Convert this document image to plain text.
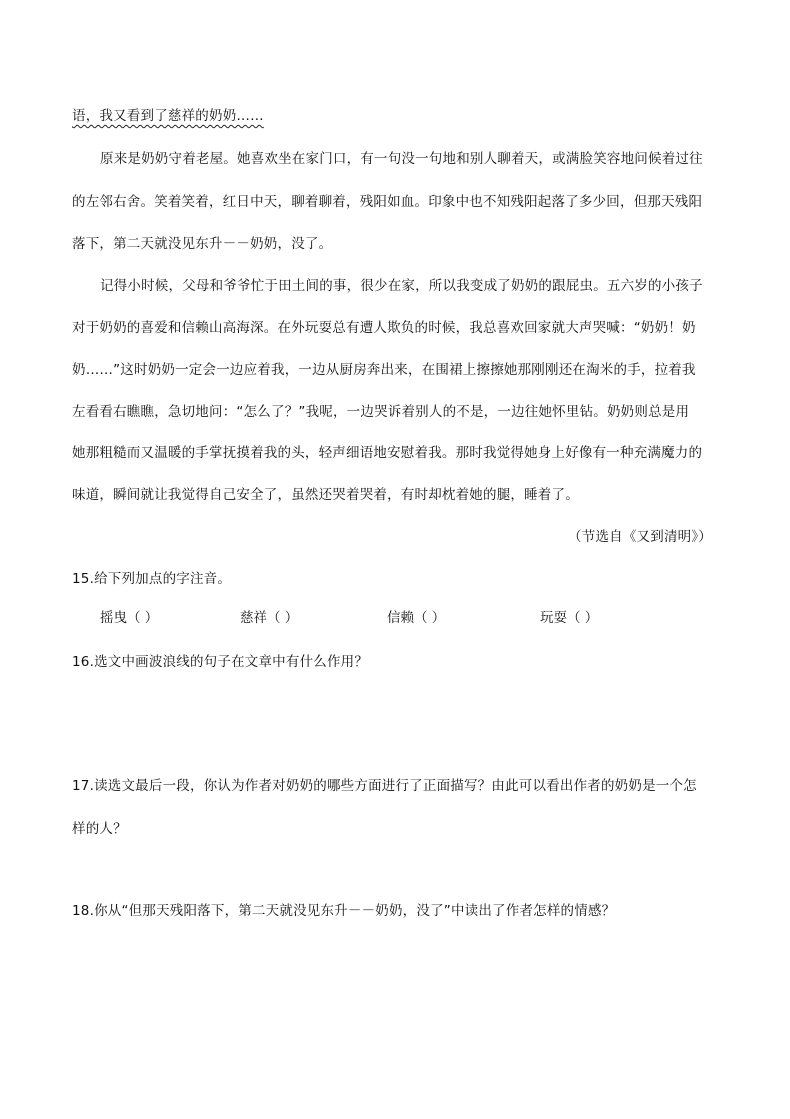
语，我又看到了慈祥的奶奶……
原来是奶奶守着老屋。她喜欢坐在家门口，有一句没一句地和别人聊着天，或满脸笑容地问候着过往
的左邻右舍。笑着笑着，红日中天，聊着聊着，残阳如血。印象中也不知残阳起落了多少回，但那天残阳
落下，第二天就没见东升－－奶奶，没了。
记得小时候，父母和爷爷忙于田土间的事，很少在家，所以我变成了奶奶的跟屁虫。五六岁的小孩子
对于奶奶的喜爱和信赖山高海深。在外玩耍总有遭人欺负的时候，我总喜欢回家就大声哭喊：“奶奶！奶
奶……”这时奶奶一定会一边应着我，一边从厨房奔出来，在围裙上擦擦她那刚刚还在淘米的手，拉着我
左看看右瞧瞧，急切地问：“怎么了？”我呢，一边哭诉着别人的不是，一边往她怀里钻。奶奶则总是用
她那粗糙而又温暖的手掌抚摸着我的头，轻声细语地安慰着我。那时我觉得她身上好像有一种充满魔力的
味道，瞬间就让我觉得自己安全了，虽然还哭着哭着，有时却枕着她的腿，睡着了。
（节选自《又到清明》）
15.给下列加点的字注音。
摇曳（ ）	慈祥（ ）	信赖（ ）	玩耍（ ）
16.选文中画波浪线的句子在文章中有什么作用？
17.读选文最后一段，你认为作者对奶奶的哪些方面进行了正面描写？由此可以看出作者的奶奶是一个怎
样的人？
18.你从“但那天残阳落下，第二天就没见东升－－奶奶，没了”中读出了作者怎样的情感？
